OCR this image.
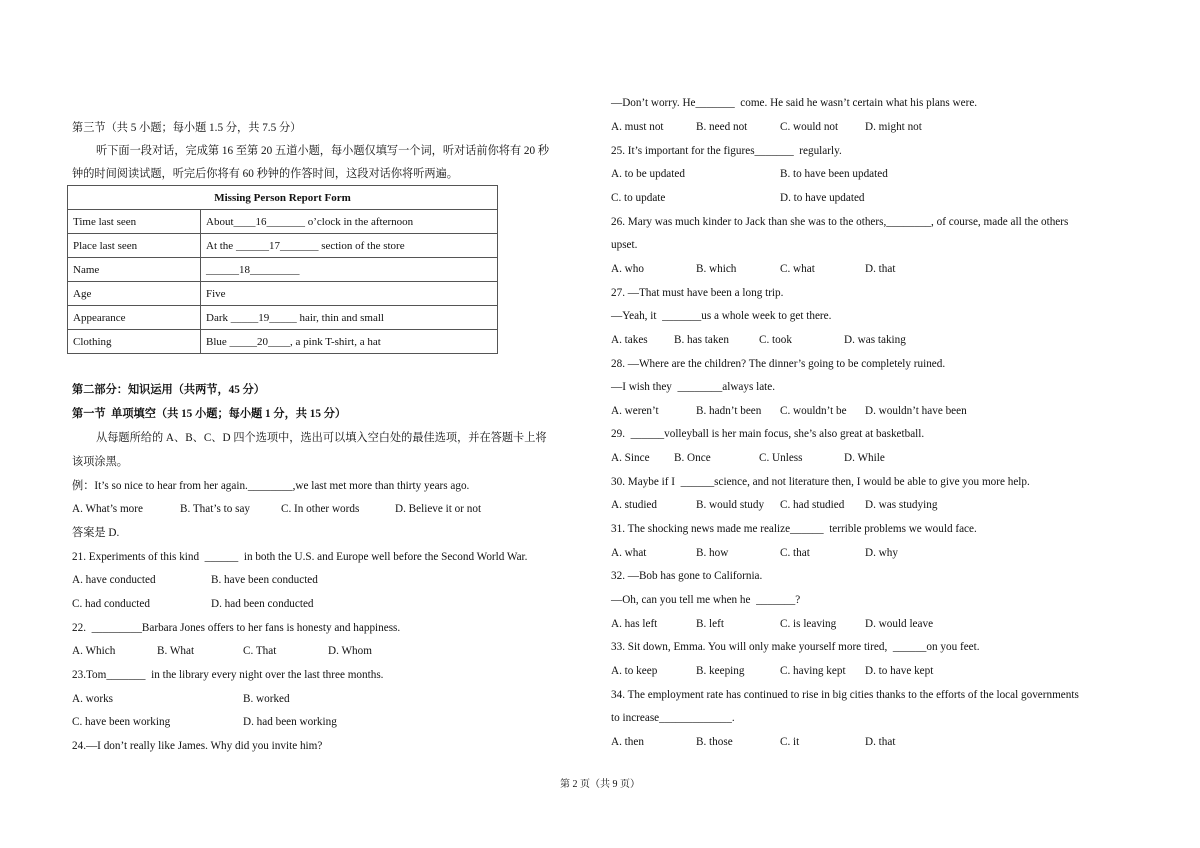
第三节（共 5 小题；每小题 1.5 分，共 7.5 分）
听下面一段对话，完成第 16 至第 20 五道小题，每小题仅填写一个词，听对话前你将有 20 秒
钟的时间阅读试题，听完后你将有 60 秒钟的作答时间，这段对话你将听两遍。
第二部分：知识运用（共两节，45 分）
第一节  单项填空（共 15 小题；每小题 1 分，共 15 分）
从每题所给的 A、B、C、D 四个选项中，选出可以填入空白处的最佳选项，并在答题卡上将
该项涂黑。
例：It’s so nice to hear from her again.________,we last met more than thirty years ago.
A. What’s more	B. That’s to say	C. In other words	D. Believe it or not
答案是 D.
21. Experiments of this kind  ______  in both the U.S. and Europe well before the Second World War.
A. have conducted	B. have been conducted
C. had conducted	D. had been conducted
22.  _________Barbara Jones offers to her fans is honesty and happiness.
A. Which	B. What	C. That	D. Whom
23.Tom_______  in the library every night over the last three months.
A. works	B. worked
C. have been working	D. had been working
24.—I don’t really like James. Why did you invite him?
Missing Person Report Form	
Time last seen	About____16_______ o’clock in the afternoon
Place last seen	At the ______17_______ section of the store
Name	______18_________
Age	Five
Appearance	Dark _____19_____ hair, thin and small
Clothing	Blue _____20____, a pink T-shirt, a hat
—Don’t worry. He_______  come. He said he wasn’t certain what his plans were.
A. must not	B. need not	C. would not D. might not
25. It’s important for the figures_______  regularly.
A. to be updated	B. to have been updated
C. to update	D. to have updated
26. Mary was much kinder to Jack than she was to the others,________, of course, made all the others
upset.
A. who	B. which	C. what	D. that
27. —That must have been a long trip.
—Yeah, it  _______us a whole week to get there.
A. takes B. has taken	C. took	D. was taking
28. —Where are the children? The dinner’s going to be completely ruined.
—I wish they  ________always late.
A. weren’t	B. hadn’t been C. wouldn’t be D. wouldn’t have been
29.  ______volleyball is her main focus, she’s also great at basketball.
A. Since B. Once	C. Unless	D. While
30. Maybe if I  ______science, and not literature then, I would be able to give you more help.
A. studied	B. would study C. had studied D. was studying
31. The shocking news made me realize______  terrible problems we would face.
A. what	B. how	C. that	D. why
32. —Bob has gone to California.
—Oh, can you tell me when he  _______?
A. has left	B. left	C. is leaving	D. would leave
33. Sit down, Emma. You will only make yourself more tired,  ______on you feet.
A. to keep	B. keeping	C. having kept D. to have kept
34. The employment rate has continued to rise in big cities thanks to the efforts of the local governments
to increase_____________.
A. then	B. those	C. it	D. that
第 2 页（共 9 页）
